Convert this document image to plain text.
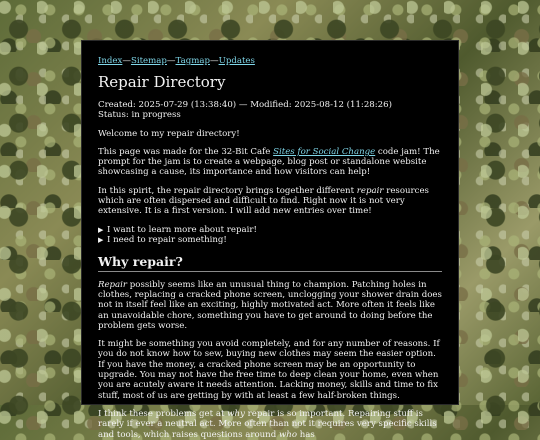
Index—Sitemap—Tagmap—Updates
Repair Directory
Created: 2025-07-29 (13:38:40) — Modified: 2025-08-12 (11:28:26)
Status: in progress

Welcome to my repair directory!

This page was made for the 32-Bit Cafe Sites for Social Change code jam! The prompt for the jam is to create a webpage, blog post or standalone website showcasing a cause, its importance and how visitors can help!

In this spirit, the repair directory brings together different repair resources which are often dispersed and difficult to find. Right now it is not very extensive. It is a first version. I will add new entries over time!

▶ I want to learn more about repair!
▶ I need to repair something!
Why repair?

Repair possibly seems like an unusual thing to champion. Patching holes in clothes, replacing a cracked phone screen, unclogging your shower drain does not in itself feel like an exciting, highly motivated act. More often it feels like an unavoidable chore, something you have to get around to doing before the problem gets worse.

It might be something you avoid completely, and for any number of reasons. If you do not know how to sew, buying new clothes may seem the easier option. If you have the money, a cracked phone screen may be an opportunity to upgrade. You may not have the free time to deep clean your home, even when you are acutely aware it needs attention. Lacking money, skills and time to fix stuff, most of us are getting by with at least a few half-broken things.

I think these problems get at why repair is so important. Repairing stuff is rarely if ever a neutral act. More often than not it requires very specific skills and tools, which raises questions around who has
